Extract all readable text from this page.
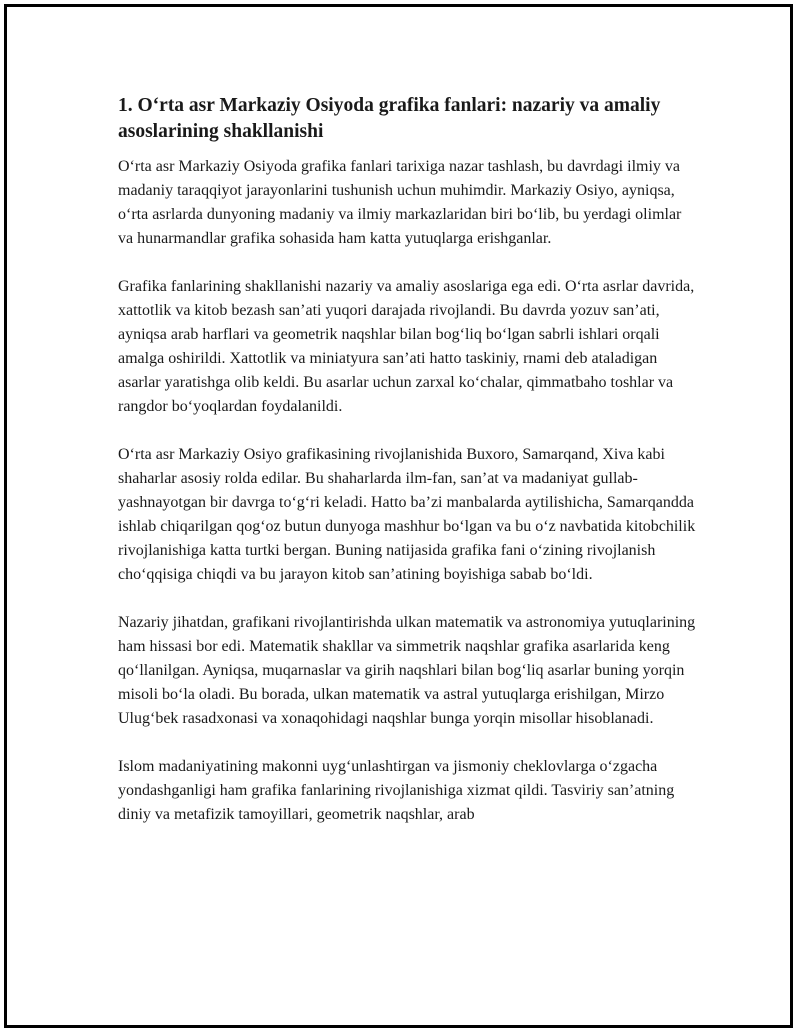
1. O‘rta asr Markaziy Osiyoda grafika fanlari: nazariy va amaliy asoslarining shakllanishi

O‘rta asr Markaziy Osiyoda grafika fanlari tarixiga nazar tashlash, bu davrdagi ilmiy va madaniy taraqqiyot jarayonlarini tushunish uchun muhimdir. Markaziy Osiyo, ayniqsa, o‘rta asrlarda dunyoning madaniy va ilmiy markazlaridan biri bo‘lib, bu yerdagi olimlar va hunarmandlar grafika sohasida ham katta yutuqlarga erishganlar.

Grafika fanlarining shakllanishi nazariy va amaliy asoslariga ega edi. O‘rta asrlar davrida, xattotlik va kitob bezash san’ati yuqori darajada rivojlandi. Bu davrda yozuv san’ati, ayniqsa arab harflari va geometrik naqshlar bilan bog‘liq bo‘lgan sabrli ishlari orqali amalga oshirildi. Xattotlik va miniatyura san’ati hatto taskiniy, rnami deb ataladigan asarlar yaratishga olib keldi. Bu asarlar uchun zarxal ko‘chalar, qimmatbaho toshlar va rangdor bo‘yoqlardan foydalanildi.

O‘rta asr Markaziy Osiyo grafikasining rivojlanishida Buxoro, Samarqand, Xiva kabi shaharlar asosiy rolda edilar. Bu shaharlarda ilm-fan, san’at va madaniyat gullab-yashnayotgan bir davrga to‘g‘ri keladi. Hatto ba’zi manbalarda aytilishicha, Samarqandda ishlab chiqarilgan qog‘oz butun dunyoga mashhur bo‘lgan va bu o‘z navbatida kitobchilik rivojlanishiga katta turtki bergan. Buning natijasida grafika fani o‘zining rivojlanish cho‘qqisiga chiqdi va bu jarayon kitob san’atining boyishiga sabab bo‘ldi.

Nazariy jihatdan, grafikani rivojlantirishda ulkan matematik va astronomiya yutuqlarining ham hissasi bor edi. Matematik shakllar va simmetrik naqshlar grafika asarlarida keng qo‘llanilgan. Ayniqsa, muqarnaslar va girih naqshlari bilan bog‘liq asarlar buning yorqin misoli bo‘la oladi. Bu borada, ulkan matematik va astral yutuqlarga erishilgan, Mirzo Ulug‘bek rasadxonasi va xonaqohidagi naqshlar bunga yorqin misollar hisoblanadi.

Islom madaniyatining makonni uyg‘unlashtirgan va jismoniy cheklovlarga o‘zgacha yondashganligi ham grafika fanlarining rivojlanishiga xizmat qildi. Tasviriy san’atning diniy va metafizik tamoyillari, geometrik naqshlar, arab
